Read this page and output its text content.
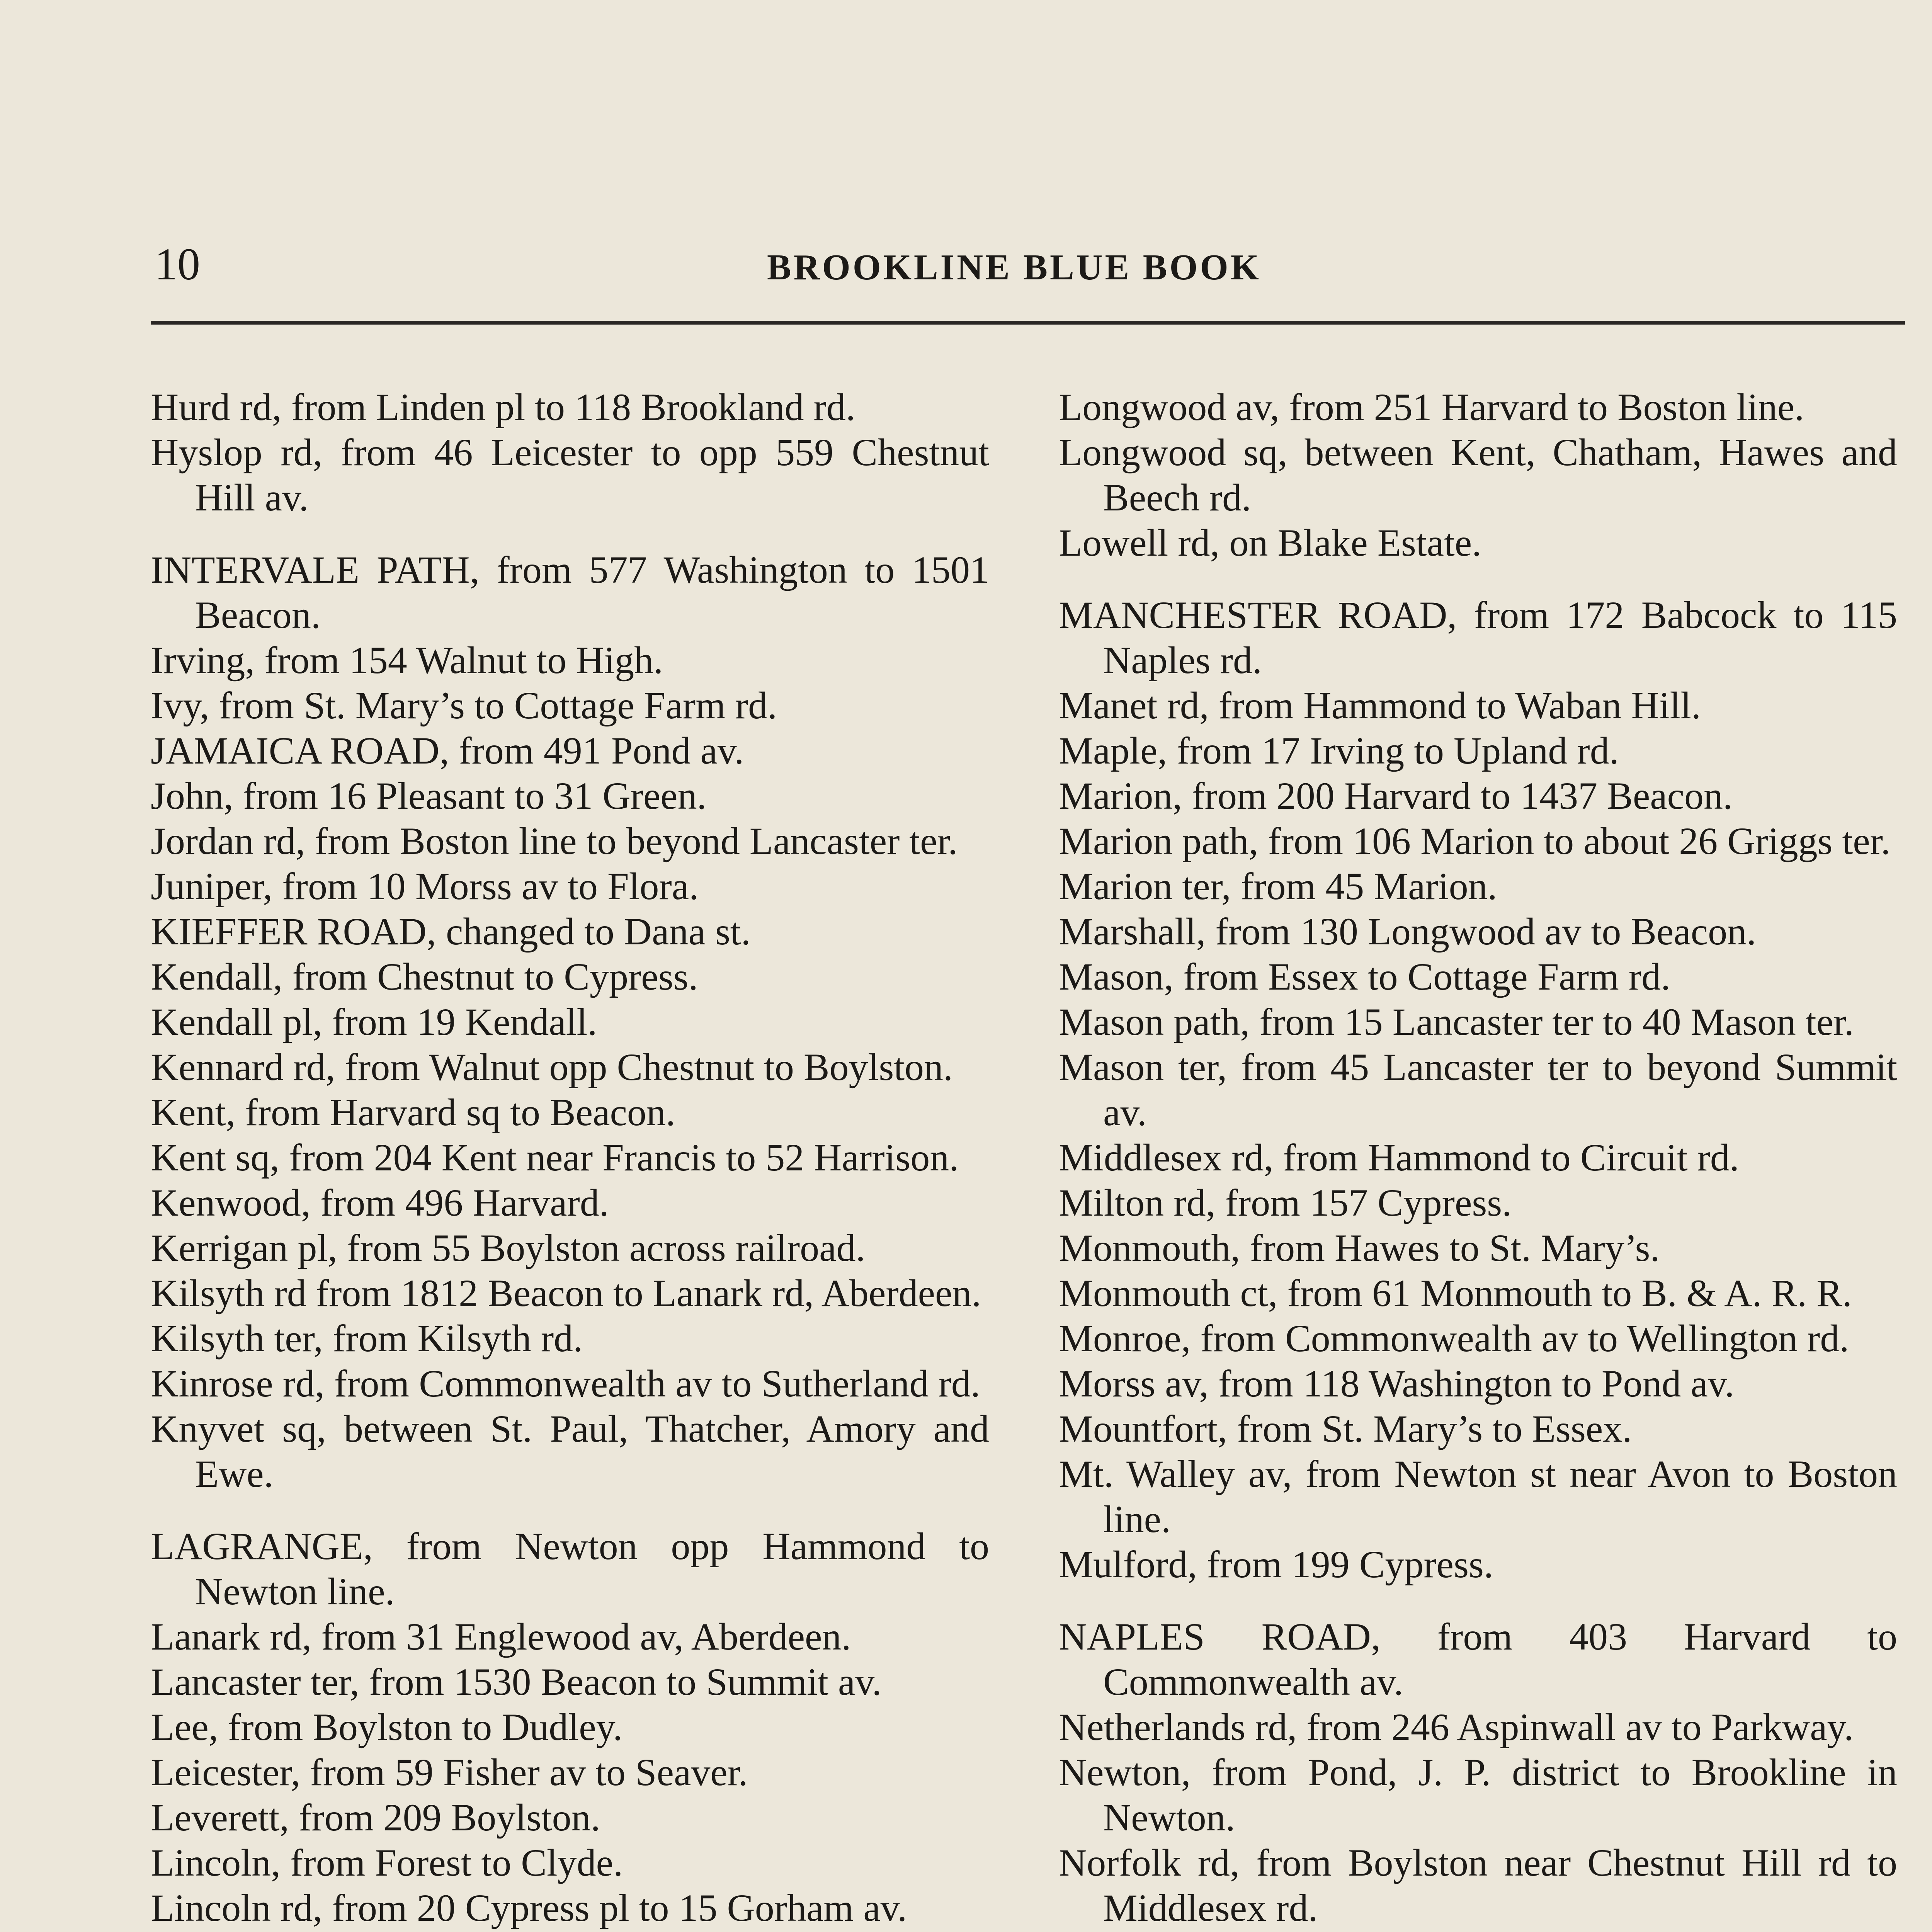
10	BROOKLINE BLUE BOOK
Hurd rd, from Linden pl to 118 Brookland rd.
Hyslop rd, from 46 Leicester to opp 559 Chestnut Hill av.
INTERVALE PATH, from 577 Washington to 1501 Beacon.
Irving, from 154 Walnut to High.
Ivy, from St. Mary’s to Cottage Farm rd.
JAMAICA ROAD, from 491 Pond av.
John, from 16 Pleasant to 31 Green.
Jordan rd, from Boston line to beyond Lancaster ter.
Juniper, from 10 Morss av to Flora.
KIEFFER ROAD, changed to Dana st.
Kendall, from Chestnut to Cypress.
Kendall pl, from 19 Kendall.
Kennard rd, from Walnut opp Chestnut to Boylston.
Kent, from Harvard sq to Beacon.
Kent sq, from 204 Kent near Francis to 52 Harrison.
Kenwood, from 496 Harvard.
Kerrigan pl, from 55 Boylston across railroad.
Kilsyth rd from 1812 Beacon to Lanark rd, Aberdeen.
Kilsyth ter, from Kilsyth rd.
Kinrose rd, from Commonwealth av to Sutherland rd.
Knyvet sq, between St. Paul, Thatcher, Amory and Ewe.
LAGRANGE, from Newton opp Hammond to Newton line.
Lanark rd, from 31 Englewood av, Aberdeen.
Lancaster ter, from 1530 Beacon to Summit av.
Lee, from Boylston to Dudley.
Leicester, from 59 Fisher av to Seaver.
Leverett, from 209 Boylston.
Lincoln, from Forest to Clyde.
Lincoln rd, from 20 Cypress pl to 15 Gorham av.
Longwood av, from 251 Harvard to Boston line.
Longwood sq, between Kent, Chatham, Hawes and Beech rd.
Lowell rd, on Blake Estate.
MANCHESTER ROAD, from 172 Babcock to 115 Naples rd.
Manet rd, from Hammond to Waban Hill.
Maple, from 17 Irving to Upland rd.
Marion, from 200 Harvard to 1437 Beacon.
Marion path, from 106 Marion to about 26 Griggs ter.
Marion ter, from 45 Marion.
Marshall, from 130 Longwood av to Beacon.
Mason, from Essex to Cottage Farm rd.
Mason path, from 15 Lancaster ter to 40 Mason ter.
Mason ter, from 45 Lancaster ter to beyond Summit av.
Middlesex rd, from Hammond to Circuit rd.
Milton rd, from 157 Cypress.
Monmouth, from Hawes to St. Mary’s.
Monmouth ct, from 61 Monmouth to B. & A. R. R.
Monroe, from Commonwealth av to Wellington rd.
Morss av, from 118 Washington to Pond av.
Mountfort, from St. Mary’s to Essex.
Mt. Walley av, from Newton st near Avon to Boston line.
Mulford, from 199 Cypress.
NAPLES ROAD, from 403 Harvard to Commonwealth av.
Netherlands rd, from 246 Aspinwall av to Parkway.
Newton, from Pond, J. P. district to Brookline in Newton.
Norfolk rd, from Boylston near Chestnut Hill rd to Middlesex rd.
